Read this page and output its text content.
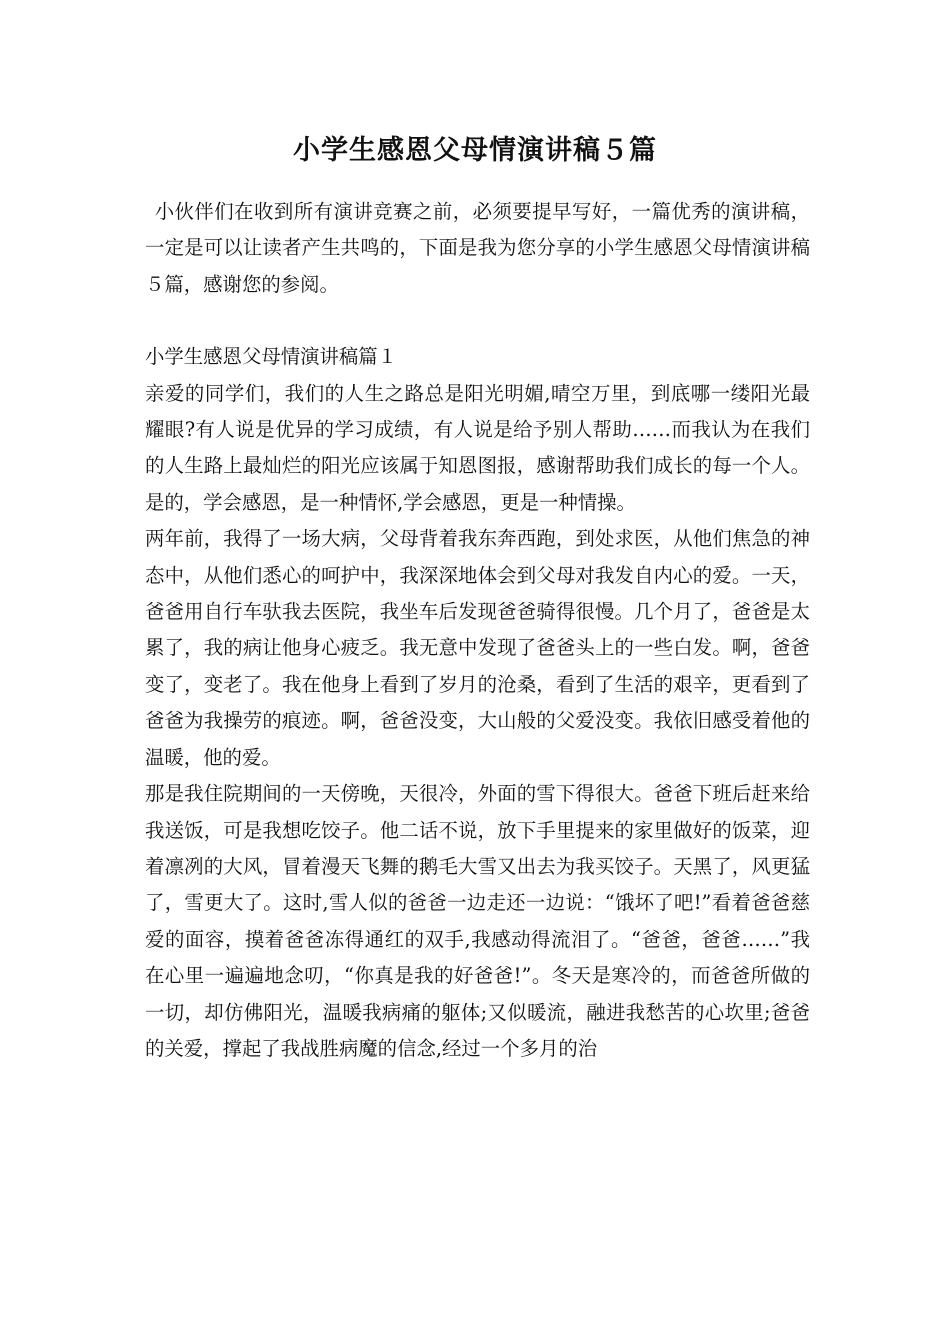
小学生感恩父母情演讲稿５篇

小伙伴们在收到所有演讲竞赛之前，必须要提早写好，一篇优秀的演讲稿，一定是可以让读者产生共鸣的，下面是我为您分享的小学生感恩父母情演讲稿５篇，感谢您的参阅。

小学生感恩父母情演讲稿篇１

亲爱的同学们，我们的人生之路总是阳光明媚,晴空万里，到底哪一缕阳光最耀眼?有人说是优异的学习成绩，有人说是给予别人帮助……而我认为在我们的人生路上最灿烂的阳光应该属于知恩图报，感谢帮助我们成长的每一个人。是的，学会感恩，是一种情怀,学会感恩，更是一种情操。

两年前，我得了一场大病，父母背着我东奔西跑，到处求医，从他们焦急的神态中，从他们悉心的呵护中，我深深地体会到父母对我发自内心的爱。一天，爸爸用自行车驮我去医院，我坐车后发现爸爸骑得很慢。几个月了，爸爸是太累了，我的病让他身心疲乏。我无意中发现了爸爸头上的一些白发。啊，爸爸变了，变老了。我在他身上看到了岁月的沧桑，看到了生活的艰辛，更看到了爸爸为我操劳的痕迹。啊，爸爸没变，大山般的父爱没变。我依旧感受着他的温暖，他的爱。

那是我住院期间的一天傍晚，天很冷，外面的雪下得很大。爸爸下班后赶来给我送饭，可是我想吃饺子。他二话不说，放下手里提来的家里做好的饭菜，迎着凛冽的大风，冒着漫天飞舞的鹅毛大雪又出去为我买饺子。天黑了，风更猛了，雪更大了。这时,雪人似的爸爸一边走还一边说：“饿坏了吧!”看着爸爸慈爱的面容，摸着爸爸冻得通红的双手,我感动得流泪了。“爸爸，爸爸……”我在心里一遍遍地念叨，“你真是我的好爸爸!”。冬天是寒冷的，而爸爸所做的一切，却仿佛阳光，温暖我病痛的躯体;又似暖流，融进我愁苦的心坎里;爸爸的关爱，撑起了我战胜病魔的信念,经过一个多月的治
